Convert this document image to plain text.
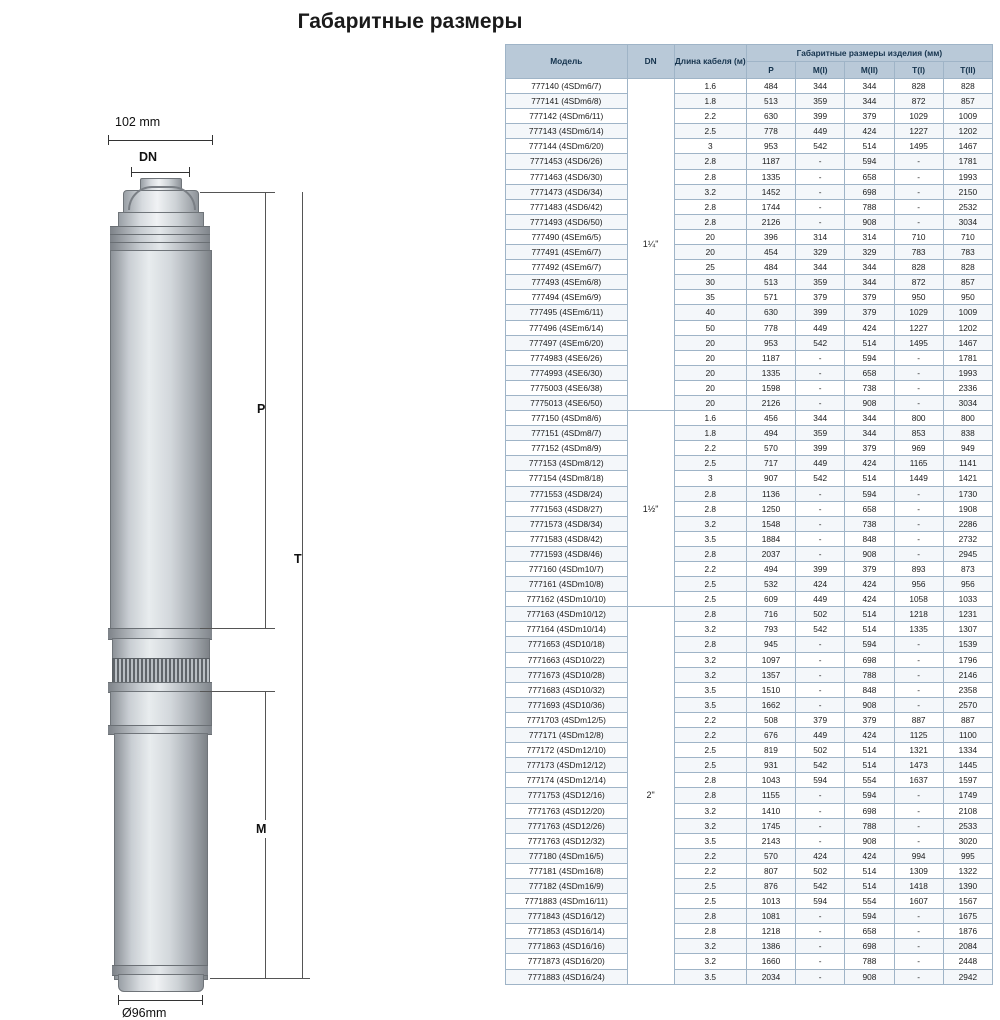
Габаритные размеры
102 mm
DN
Ø96mm
P
T
M
Модель	DN	Длина кабеля (м)	Габаритные размеры изделия (мм)				
			P	M(I)	M(II)	T(I)	T(II)
777140 (4SDm6/7)	1¼"	1.6	484	344	344	828	828
777141 (4SDm6/8)		1.8	513	359	344	872	857
777142 (4SDm6/11)		2.2	630	399	379	1029	1009
777143 (4SDm6/14)		2.5	778	449	424	1227	1202
777144 (4SDm6/20)		3	953	542	514	1495	1467
7771453 (4SD6/26)		2.8	1187	-	594	-	1781
7771463 (4SD6/30)		2.8	1335	-	658	-	1993
7771473 (4SD6/34)		3.2	1452	-	698	-	2150
7771483 (4SD6/42)		2.8	1744	-	788	-	2532
7771493 (4SD6/50)		2.8	2126	-	908	-	3034
777490 (4SEm6/5)		20	396	314	314	710	710
777491 (4SEm6/7)		20	454	329	329	783	783
777492 (4SEm6/7)		25	484	344	344	828	828
777493 (4SEm6/8)		30	513	359	344	872	857
777494 (4SEm6/9)		35	571	379	379	950	950
777495 (4SEm6/11)		40	630	399	379	1029	1009
777496 (4SEm6/14)		50	778	449	424	1227	1202
777497 (4SEm6/20)		20	953	542	514	1495	1467
7774983 (4SE6/26)		20	1187	-	594	-	1781
7774993 (4SE6/30)		20	1335	-	658	-	1993
7775003 (4SE6/38)		20	1598	-	738	-	2336
7775013 (4SE6/50)		20	2126	-	908	-	3034
777150 (4SDm8/6)	1½"	1.6	456	344	344	800	800
777151 (4SDm8/7)		1.8	494	359	344	853	838
777152 (4SDm8/9)		2.2	570	399	379	969	949
777153 (4SDm8/12)		2.5	717	449	424	1165	1141
777154 (4SDm8/18)		3	907	542	514	1449	1421
7771553 (4SD8/24)		2.8	1136	-	594	-	1730
7771563 (4SD8/27)		2.8	1250	-	658	-	1908
7771573 (4SD8/34)		3.2	1548	-	738	-	2286
7771583 (4SD8/42)		3.5	1884	-	848	-	2732
7771593 (4SD8/46)		2.8	2037	-	908	-	2945
777160 (4SDm10/7)		2.2	494	399	379	893	873
777161 (4SDm10/8)		2.5	532	424	424	956	956
777162 (4SDm10/10)		2.5	609	449	424	1058	1033
777163 (4SDm10/12)	2"	2.8	716	502	514	1218	1231
777164 (4SDm10/14)		3.2	793	542	514	1335	1307
7771653 (4SD10/18)		2.8	945	-	594	-	1539
7771663 (4SD10/22)		3.2	1097	-	698	-	1796
7771673 (4SD10/28)		3.2	1357	-	788	-	2146
7771683 (4SD10/32)		3.5	1510	-	848	-	2358
7771693 (4SD10/36)		3.5	1662	-	908	-	2570
7771703 (4SDm12/5)		2.2	508	379	379	887	887
777171 (4SDm12/8)		2.2	676	449	424	1125	1100
777172 (4SDm12/10)		2.5	819	502	514	1321	1334
777173 (4SDm12/12)		2.5	931	542	514	1473	1445
777174 (4SDm12/14)		2.8	1043	594	554	1637	1597
7771753 (4SD12/16)		2.8	1155	-	594	-	1749
7771763 (4SD12/20)		3.2	1410	-	698	-	2108
7771763 (4SD12/26)		3.2	1745	-	788	-	2533
7771763 (4SD12/32)		3.5	2143	-	908	-	3020
777180 (4SDm16/5)		2.2	570	424	424	994	995
777181 (4SDm16/8)		2.2	807	502	514	1309	1322
777182 (4SDm16/9)		2.5	876	542	514	1418	1390
7771883 (4SDm16/11)		2.5	1013	594	554	1607	1567
7771843 (4SD16/12)		2.8	1081	-	594	-	1675
7771853 (4SD16/14)		2.8	1218	-	658	-	1876
7771863 (4SD16/16)		3.2	1386	-	698	-	2084
7771873 (4SD16/20)		3.2	1660	-	788	-	2448
7771883 (4SD16/24)		3.5	2034	-	908	-	2942
